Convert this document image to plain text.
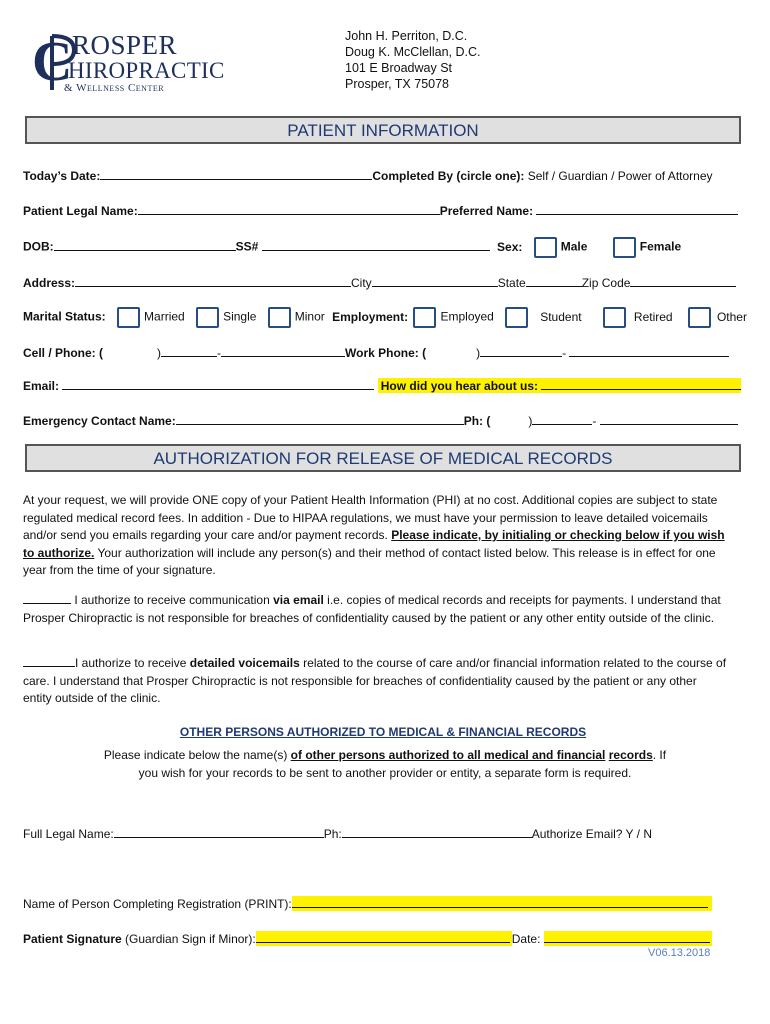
C ROSPER
HIROPRACTIC
& Wellness Center
John H. Perriton, D.C.
Doug K. McClellan, D.C.
101 E Broadway St
Prosper, TX 75078
PATIENT INFORMATION
Today’s Date:	Completed By (circle one): Self / Guardian / Power of Attorney
Patient Legal Name:	Preferred Name:
DOB:	SS#	Sex:	Male	Female
Address:	City	State	Zip Code
Marital Status:	Married	Single	Minor Employment:	Employed	Student	Retired	Other
Cell / Phone: (	)	-	Work Phone: (	)	-
Email:	How did you hear about us:
Emergency Contact Name:	Ph: (	)	-
AUTHORIZATION FOR RELEASE OF MEDICAL RECORDS
At your request, we will provide ONE copy of your Patient Health Information (PHI) at no cost. Additional copies are subject to state regulated medical record fees. In addition - Due to HIPAA regulations, we must have your permission to leave detailed voicemails and/or send you emails regarding your care and/or payment records. Please indicate, by initialing or checking below if you wish to authorize. Your authorization will include any person(s) and their method of contact listed below. This release is in effect for one year from the time of your signature.
I authorize to receive communication via email i.e. copies of medical records and receipts for payments. I understand that Prosper Chiropractic is not responsible for breaches of confidentiality caused by the patient or any other entity outside of the clinic.
I authorize to receive detailed voicemails related to the course of care and/or financial information related to the course of care. I understand that Prosper Chiropractic is not responsible for breaches of confidentiality caused by the patient or any other entity outside of the clinic.
OTHER PERSONS AUTHORIZED TO MEDICAL & FINANCIAL RECORDS
Please indicate below the name(s) of other persons authorized to all medical and financial records. If you wish for your records to be sent to another provider or entity, a separate form is required.
Full Legal Name:	Ph:	Authorize Email? Y / N
Name of Person Completing Registration (PRINT):
Patient Signature (Guardian Sign if Minor):	Date:
V06.13.2018
